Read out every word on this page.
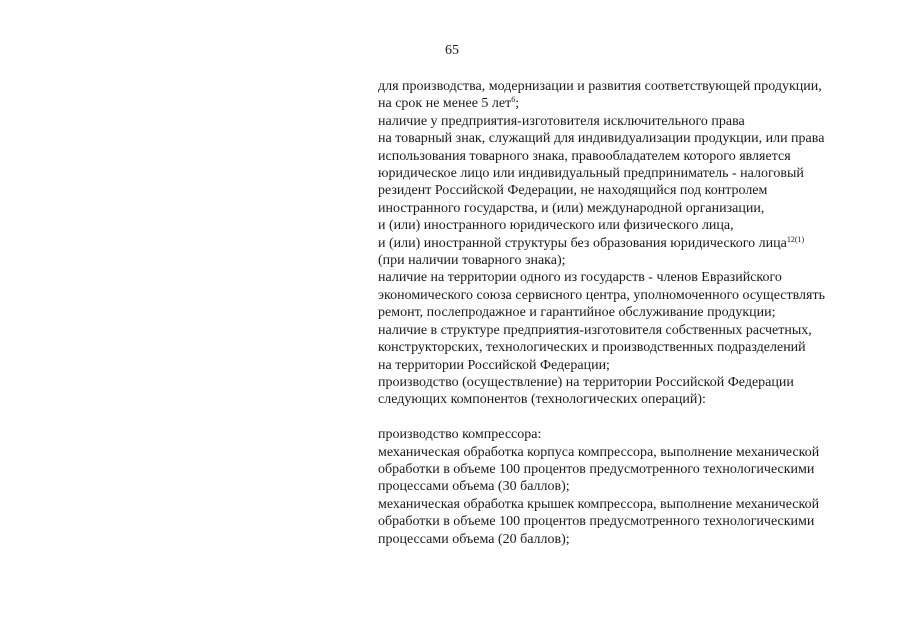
65
для производства, модернизации и развития соответствующей продукции,
на срок не менее 5 лет$^6$;
наличие у предприятия-изготовителя исключительного права
на товарный знак, служащий для индивидуализации продукции, или права
использования товарного знака, правообладателем которого является
юридическое лицо или индивидуальный предприниматель - налоговый
резидент Российской Федерации, не находящийся под контролем
иностранного государства, и (или) международной организации,
и (или) иностранного юридического или физического лица,
и (или) иностранной структуры без образования юридического лица$^{12(1)}$
(при наличии товарного знака);
наличие на территории одного из государств - членов Евразийского
экономического союза сервисного центра, уполномоченного осуществлять
ремонт, послепродажное и гарантийное обслуживание продукции;
наличие в структуре предприятия-изготовителя собственных расчетных,
конструкторских, технологических и производственных подразделений
на территории Российской Федерации;
производство (осуществление) на территории Российской Федерации
следующих компонентов (технологических операций):
производство компрессора:
механическая обработка корпуса компрессора, выполнение механической
обработки в объеме 100 процентов предусмотренного технологическими
процессами объема (30 баллов);
механическая обработка крышек компрессора, выполнение механической
обработки в объеме 100 процентов предусмотренного технологическими
процессами объема (20 баллов);
